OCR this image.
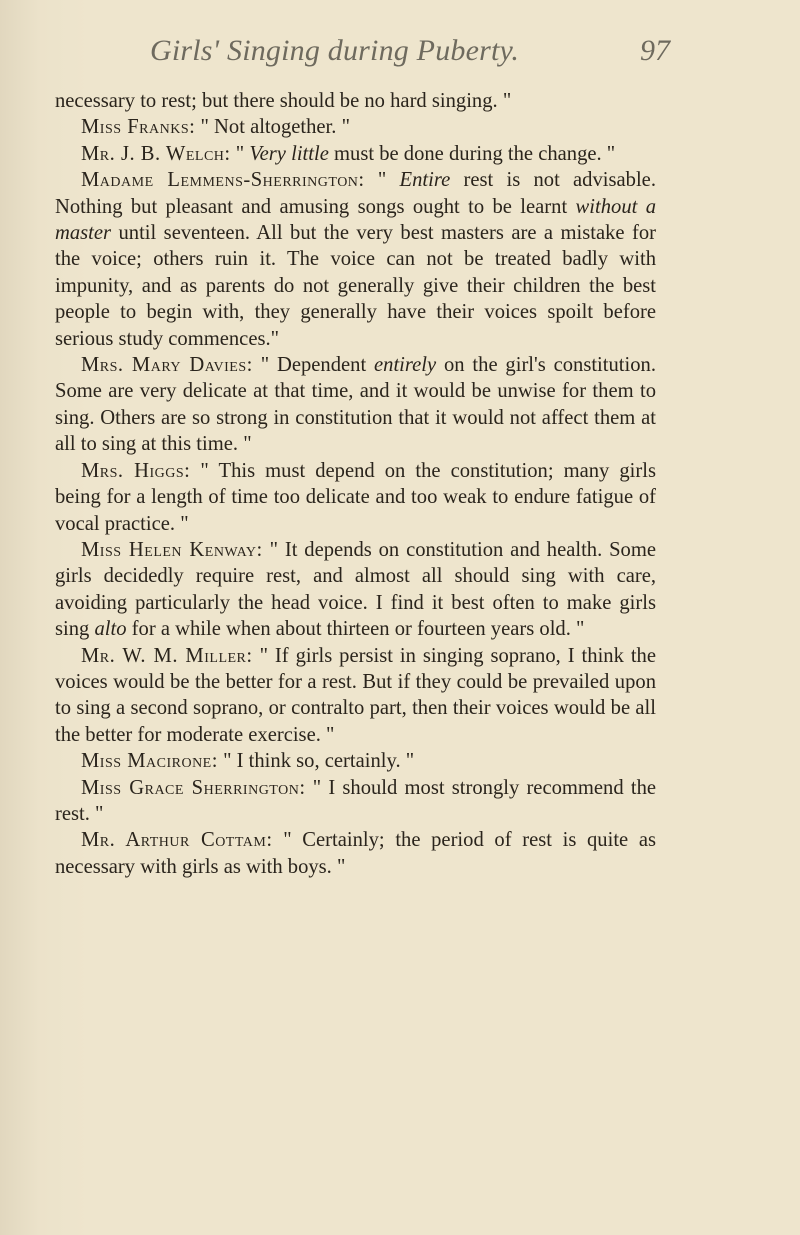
Girls' Singing during Puberty.	97

necessary to rest; but there should be no hard singing. "

Miss Franks: " Not altogether. "

Mr. J. B. Welch: " Very little must be done during the change. "

Madame Lemmens-Sherrington: " Entire rest is not advisable. Nothing but pleasant and amusing songs ought to be learnt without a master until seventeen. All but the very best masters are a mistake for the voice; others ruin it. The voice can not be treated badly with impunity, and as parents do not generally give their children the best people to begin with, they generally have their voices spoilt before serious study commences."

Mrs. Mary Davies: " Dependent entirely on the girl's constitution. Some are very delicate at that time, and it would be unwise for them to sing. Others are so strong in constitution that it would not affect them at all to sing at this time. "

Mrs. Higgs: " This must depend on the constitution; many girls being for a length of time too delicate and too weak to endure fatigue of vocal practice. "

Miss Helen Kenway: " It depends on constitution and health. Some girls decidedly require rest, and almost all should sing with care, avoiding particularly the head voice. I find it best often to make girls sing alto for a while when about thirteen or fourteen years old. "

Mr. W. M. Miller: " If girls persist in singing soprano, I think the voices would be the better for a rest. But if they could be prevailed upon to sing a second soprano, or contralto part, then their voices would be all the better for moderate exercise. "

Miss Macirone: " I think so, certainly. "

Miss Grace Sherrington: " I should most strongly recommend the rest. "

Mr. Arthur Cottam: " Certainly; the period of rest is quite as necessary with girls as with boys. "
